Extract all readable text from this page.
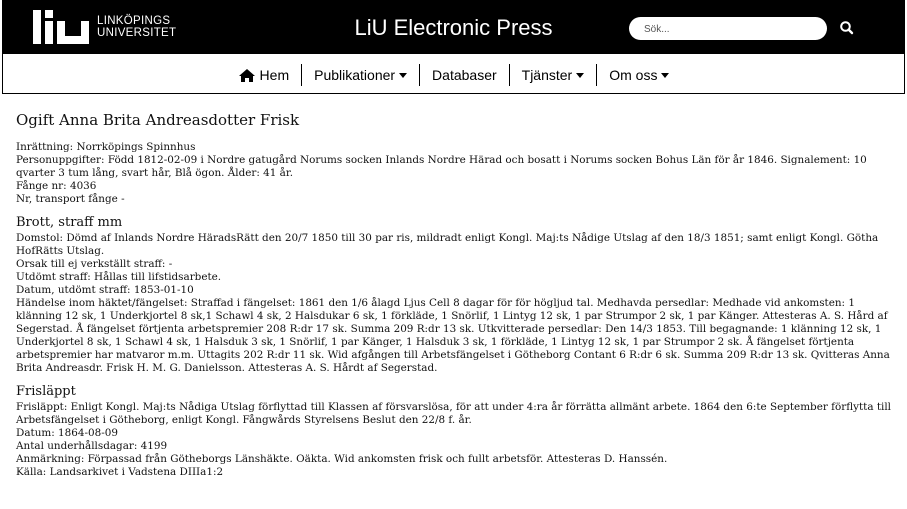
LINKÖPINGS
UNIVERSITET	LiU Electronic Press
Sök...
Hem Publikationer	Databaser Tjänster	Om oss
Ogift Anna Brita Andreasdotter Frisk

Inrättning: Norrköpings Spinnhus

Personuppgifter: Född 1812-02-09 i Nordre gatugård Norums socken Inlands Nordre Härad och bosatt i Norums socken Bohus Län för år 1846. Signalement: 10 qvarter 3 tum lång, svart hår, Blå ögon. Ålder: 41 år.

Fånge nr: 4036

Nr, transport fånge -

Brott, straff mm

Domstol: Dömd af Inlands Nordre HäradsRätt den 20/7 1850 till 30 par ris, mildradt enligt Kongl. Maj:ts Nådige Utslag af den 18/3 1851; samt enligt Kongl. Götha HofRätts Utslag.

Orsak till ej verkställt straff: -

Utdömt straff: Hållas till lifstidsarbete.

Datum, utdömt straff: 1853-01-10

Händelse inom häktet/fängelset: Straffad i fängelset: 1861 den 1/6 ålagd Ljus Cell 8 dagar för för högljud tal. Medhavda persedlar: Medhade vid ankomsten: 1 klänning 12 sk, 1 Underkjortel 8 sk,1 Schawl 4 sk, 2 Halsdukar 6 sk, 1 förkläde, 1 Snörlif, 1 Lintyg 12 sk, 1 par Strumpor 2 sk, 1 par Känger. Attesteras A. S. Hård af Segerstad. Å fängelset förtjenta arbetspremier 208 R:dr 17 sk. Summa 209 R:dr 13 sk. Utkvitterade persedlar: Den 14/3 1853. Till begagnande: 1 klänning 12 sk, 1 Underkjortel 8 sk, 1 Schawl 4 sk, 1 Halsduk 3 sk, 1 Snörlif, 1 par Känger, 1 Halsduk 3 sk, 1 förkläde, 1 Lintyg 12 sk, 1 par Strumpor 2 sk. Å fängelset förtjenta arbetspremier har matvaror m.m. Uttagits 202 R:dr 11 sk. Wid afgången till Arbetsfängelset i Götheborg Contant 6 R:dr 6 sk. Summa 209 R:dr 13 sk. Qvitteras Anna Brita Andreasdr. Frisk H. M. G. Danielsson. Attesteras A. S. Hårdt af Segerstad.

Frisläppt

Frisläppt: Enligt Kongl. Maj:ts Nådiga Utslag förflyttad till Klassen af försvarslösa, för att under 4:ra år förrätta allmänt arbete. 1864 den 6:te September förflytta till Arbetsfängelset i Götheborg, enligt Kongl. Fångwårds Styrelsens Beslut den 22/8 f. år.

Datum: 1864-08-09

Antal underhållsdagar: 4199

Anmärkning: Förpassad från Götheborgs Länshäkte. Oäkta. Wid ankomsten frisk och fullt arbetsför. Attesteras D. Hanssén.

Källa: Landsarkivet i Vadstena DIIIa1:2
